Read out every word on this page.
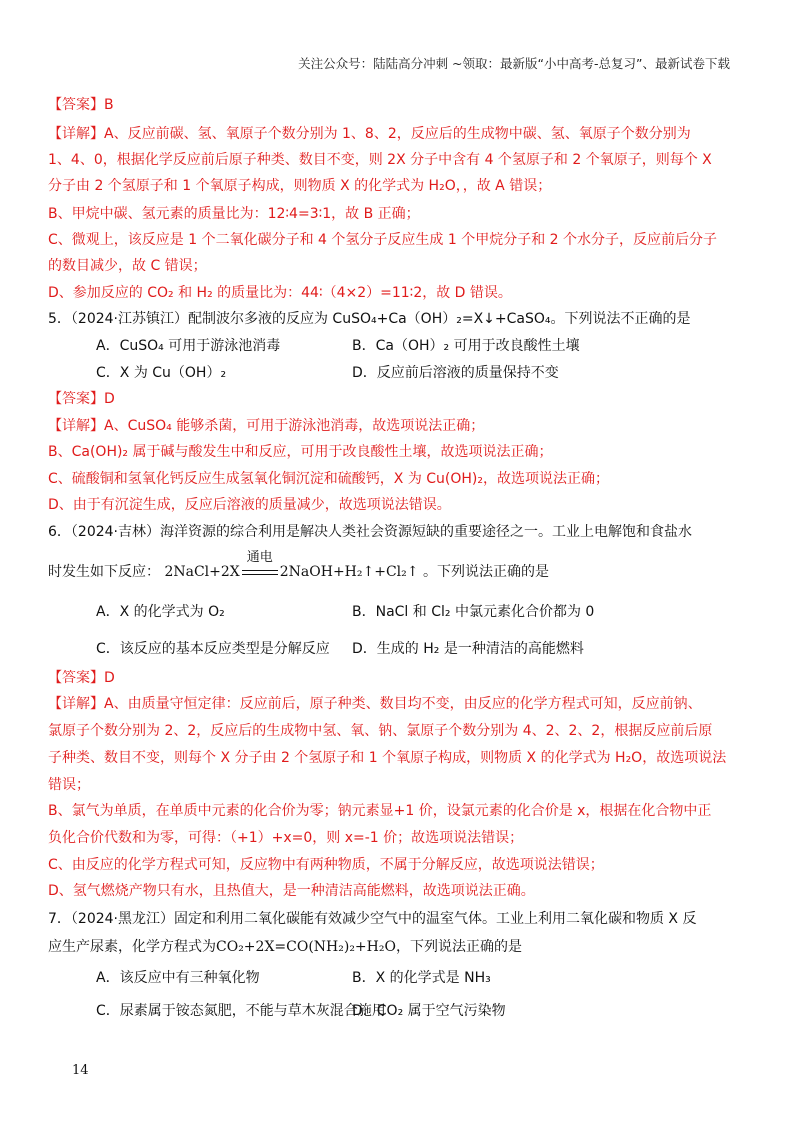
关注公众号：陆陆高分冲刺 ~领取：最新版“小中高考-总复习”、最新试卷下载
【答案】B
【详解】A、反应前碳、氢、氧原子个数分别为 1、8、2，反应后的生成物中碳、氢、氧原子个数分别为
1、4、0，根据化学反应前后原子种类、数目不变，则 2X 分子中含有 4 个氢原子和 2 个氧原子，则每个 X
分子由 2 个氢原子和 1 个氧原子构成，则物质 X 的化学式为 H₂O，，故 A 错误；
B、甲烷中碳、氢元素的质量比为：12∶4=3∶1，故 B 正确；
C、微观上，该反应是 1 个二氧化碳分子和 4 个氢分子反应生成 1 个甲烷分子和 2 个水分子，反应前后分子
的数目减少，故 C 错误；
D、参加反应的 CO₂ 和 H₂ 的质量比为：44∶（4×2）=11∶2，故 D 错误。
5．（2024·江苏镇江）配制波尔多液的反应为 CuSO₄+Ca（OH）₂=X↓+CaSO₄。下列说法不正确的是
A．CuSO₄ 可用于游泳池消毒	B．Ca（OH）₂ 可用于改良酸性土壤
C．X 为 Cu（OH）₂	D．反应前后溶液的质量保持不变
【答案】D
【详解】A、CuSO₄ 能够杀菌，可用于游泳池消毒，故选项说法正确；
B、Ca(OH)₂ 属于碱与酸发生中和反应，可用于改良酸性土壤，故选项说法正确；
C、硫酸铜和氢氧化钙反应生成氢氧化铜沉淀和硫酸钙，X 为 Cu(OH)₂，故选项说法正确；
D、由于有沉淀生成，反应后溶液的质量减少，故选项说法错误。
6．（2024·吉林）海洋资源的综合利用是解决人类社会资源短缺的重要途径之一。工业上电解饱和食盐水
时发生如下反应： 2NaCl+2X
通电
2NaOH+H₂↑+Cl₂↑ 。下列说法正确的是
A．X 的化学式为 O₂	B．NaCl 和 Cl₂ 中氯元素化合价都为 0
C．该反应的基本反应类型是分解反应 D．生成的 H₂ 是一种清洁的高能燃料
【答案】D
【详解】A、由质量守恒定律：反应前后，原子种类、数目均不变，由反应的化学方程式可知，反应前钠、
氯原子个数分别为 2、2，反应后的生成物中氢、氧、钠、氯原子个数分别为 4、2、2、2，根据反应前后原
子种类、数目不变，则每个 X 分子由 2 个氢原子和 1 个氧原子构成，则物质 X 的化学式为 H₂O，故选项说法
错误；
B、氯气为单质，在单质中元素的化合价为零；钠元素显+1 价，设氯元素的化合价是 x，根据在化合物中正
负化合价代数和为零，可得：（+1）+x=0，则 x=-1 价；故选项说法错误；
C、由反应的化学方程式可知，反应物中有两种物质，不属于分解反应，故选项说法错误；
D、氢气燃烧产物只有水，且热值大，是一种清洁高能燃料，故选项说法正确。
7．（2024·黑龙江）固定和利用二氧化碳能有效减少空气中的温室气体。工业上利用二氧化碳和物质 X 反
应生产尿素，化学方程式为CO₂+2X=CO(NH₂)₂+H₂O，下列说法正确的是
A．该反应中有三种氧化物	B．X 的化学式是 NH₃
C．尿素属于铵态氮肥，不能与草木灰混合施用
D．CO₂ 属于空气污染物
14
